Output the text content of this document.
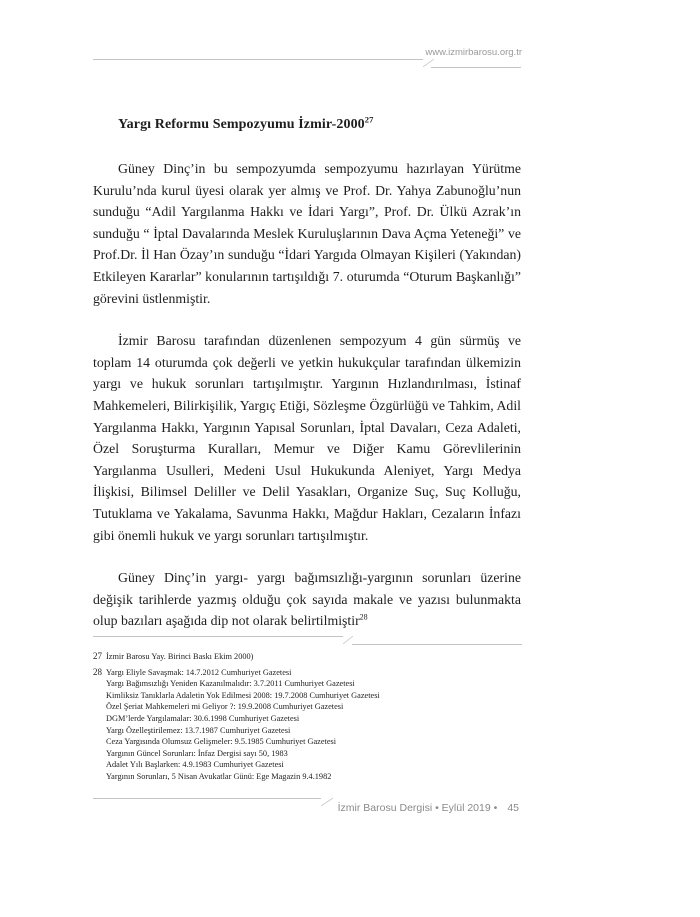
www.izmirbarosu.org.tr
Yargı Reformu Sempozyumu İzmir-2000$^{27}$

Güney Dinç’in bu sempozyumda sempozyumu hazırlayan Yürütme Kurulu’nda kurul üyesi olarak yer almış ve Prof. Dr. Yahya Zabunoğlu’nun sunduğu “Adil Yargılanma Hakkı ve İdari Yargı”, Prof. Dr. Ülkü Azrak’ın sunduğu “ İptal Davalarında Meslek Kuruluşlarının Dava Açma Yeteneği” ve Prof.Dr. İl Han Özay’ın sunduğu “İdari Yargıda Olmayan Kişileri (Yakından) Etkileyen Kararlar” konularının tartışıldığı 7. oturumda “Oturum Başkanlığı” görevini üstlenmiştir.

İzmir Barosu tarafından düzenlenen sempozyum 4 gün sürmüş ve toplam 14 oturumda çok değerli ve yetkin hukukçular tarafından ülkemizin yargı ve hukuk sorunları tartışılmıştır. Yargının Hızlandırılması, İstinaf Mahkemeleri, Bilirkişilik, Yargıç Etiği, Sözleşme Özgürlüğü ve Tahkim, Adil Yargılanma Hakkı, Yargının Yapısal Sorunları, İptal Davaları, Ceza Adaleti, Özel Soruşturma Kuralları, Memur ve Diğer Kamu Görevlilerinin Yargılanma Usulleri, Medeni Usul Hukukunda Aleniyet, Yargı Medya İlişkisi, Bilimsel Deliller ve Delil Yasakları, Organize Suç, Suç Kolluğu, Tutuklama ve Yakalama, Savunma Hakkı, Mağdur Hakları, Cezaların İnfazı gibi önemli hukuk ve yargı sorunları tartışılmıştır.

Güney Dinç’in yargı- yargı bağımsızlığı-yargının sorunları üzerine değişik tarihlerde yazmış olduğu çok sayıda makale ve yazısı bulunmakta olup bazıları aşağıda dip not olarak belirtilmiştir$^{28}$

27 İzmir Barosu Yay. Birinci Baskı Ekim 2000)
28 Yargı Eliyle Savaşmak: 14.7.2012 Cumhuriyet Gazetesi
Yargı Bağımsızlığı Yeniden Kazanılmalıdır: 3.7.2011 Cumhuriyet Gazetesi
Kimliksiz Tanıklarla Adaletin Yok Edilmesi 2008: 19.7.2008 Cumhuriyet Gazetesi
Özel Şeriat Mahkemeleri mi Geliyor ?: 19.9.2008 Cumhuriyet Gazetesi
DGM’lerde Yargılamalar: 30.6.1998 Cumhuriyet Gazetesi
Yargı Özelleştirilemez: 13.7.1987 Cumhuriyet Gazetesi
Ceza Yargısında Olumsuz Gelişmeler: 9.5.1985 Cumhuriyet Gazetesi
Yargının Güncel Sorunları: İnfaz Dergisi sayı 50, 1983
Adalet Yılı Başlarken: 4.9.1983 Cumhuriyet Gazetesi
Yargının Sorunları, 5 Nisan Avukatlar Günü: Ege Magazin 9.4.1982
İzmir Barosu Dergisi • Eylül 2019 • 45
